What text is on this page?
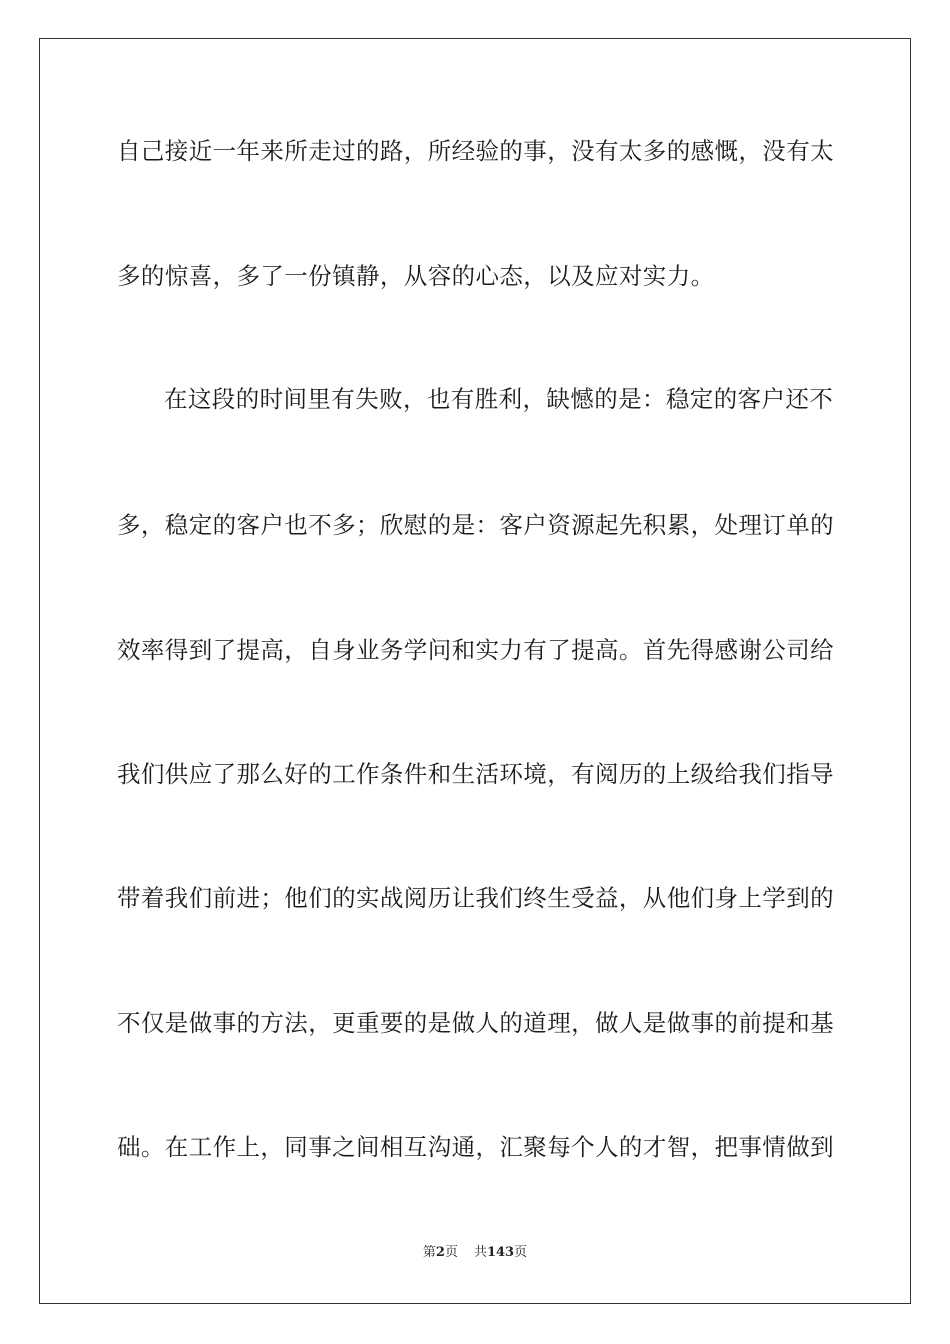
自己接近一年来所走过的路，所经验的事，没有太多的感慨，没有太
多的惊喜，多了一份镇静，从容的心态，以及应对实力。
在这段的时间里有失败，也有胜利，缺憾的是：稳定的客户还不
多，稳定的客户也不多；欣慰的是：客户资源起先积累，处理订单的
效率得到了提高，自身业务学问和实力有了提高。首先得感谢公司给
我们供应了那么好的工作条件和生活环境，有阅历的上级给我们指导
带着我们前进；他们的实战阅历让我们终生受益，从他们身上学到的
不仅是做事的方法，更重要的是做人的道理，做人是做事的前提和基
础。在工作上，同事之间相互沟通，汇聚每个人的才智，把事情做到
第2页 共143页
